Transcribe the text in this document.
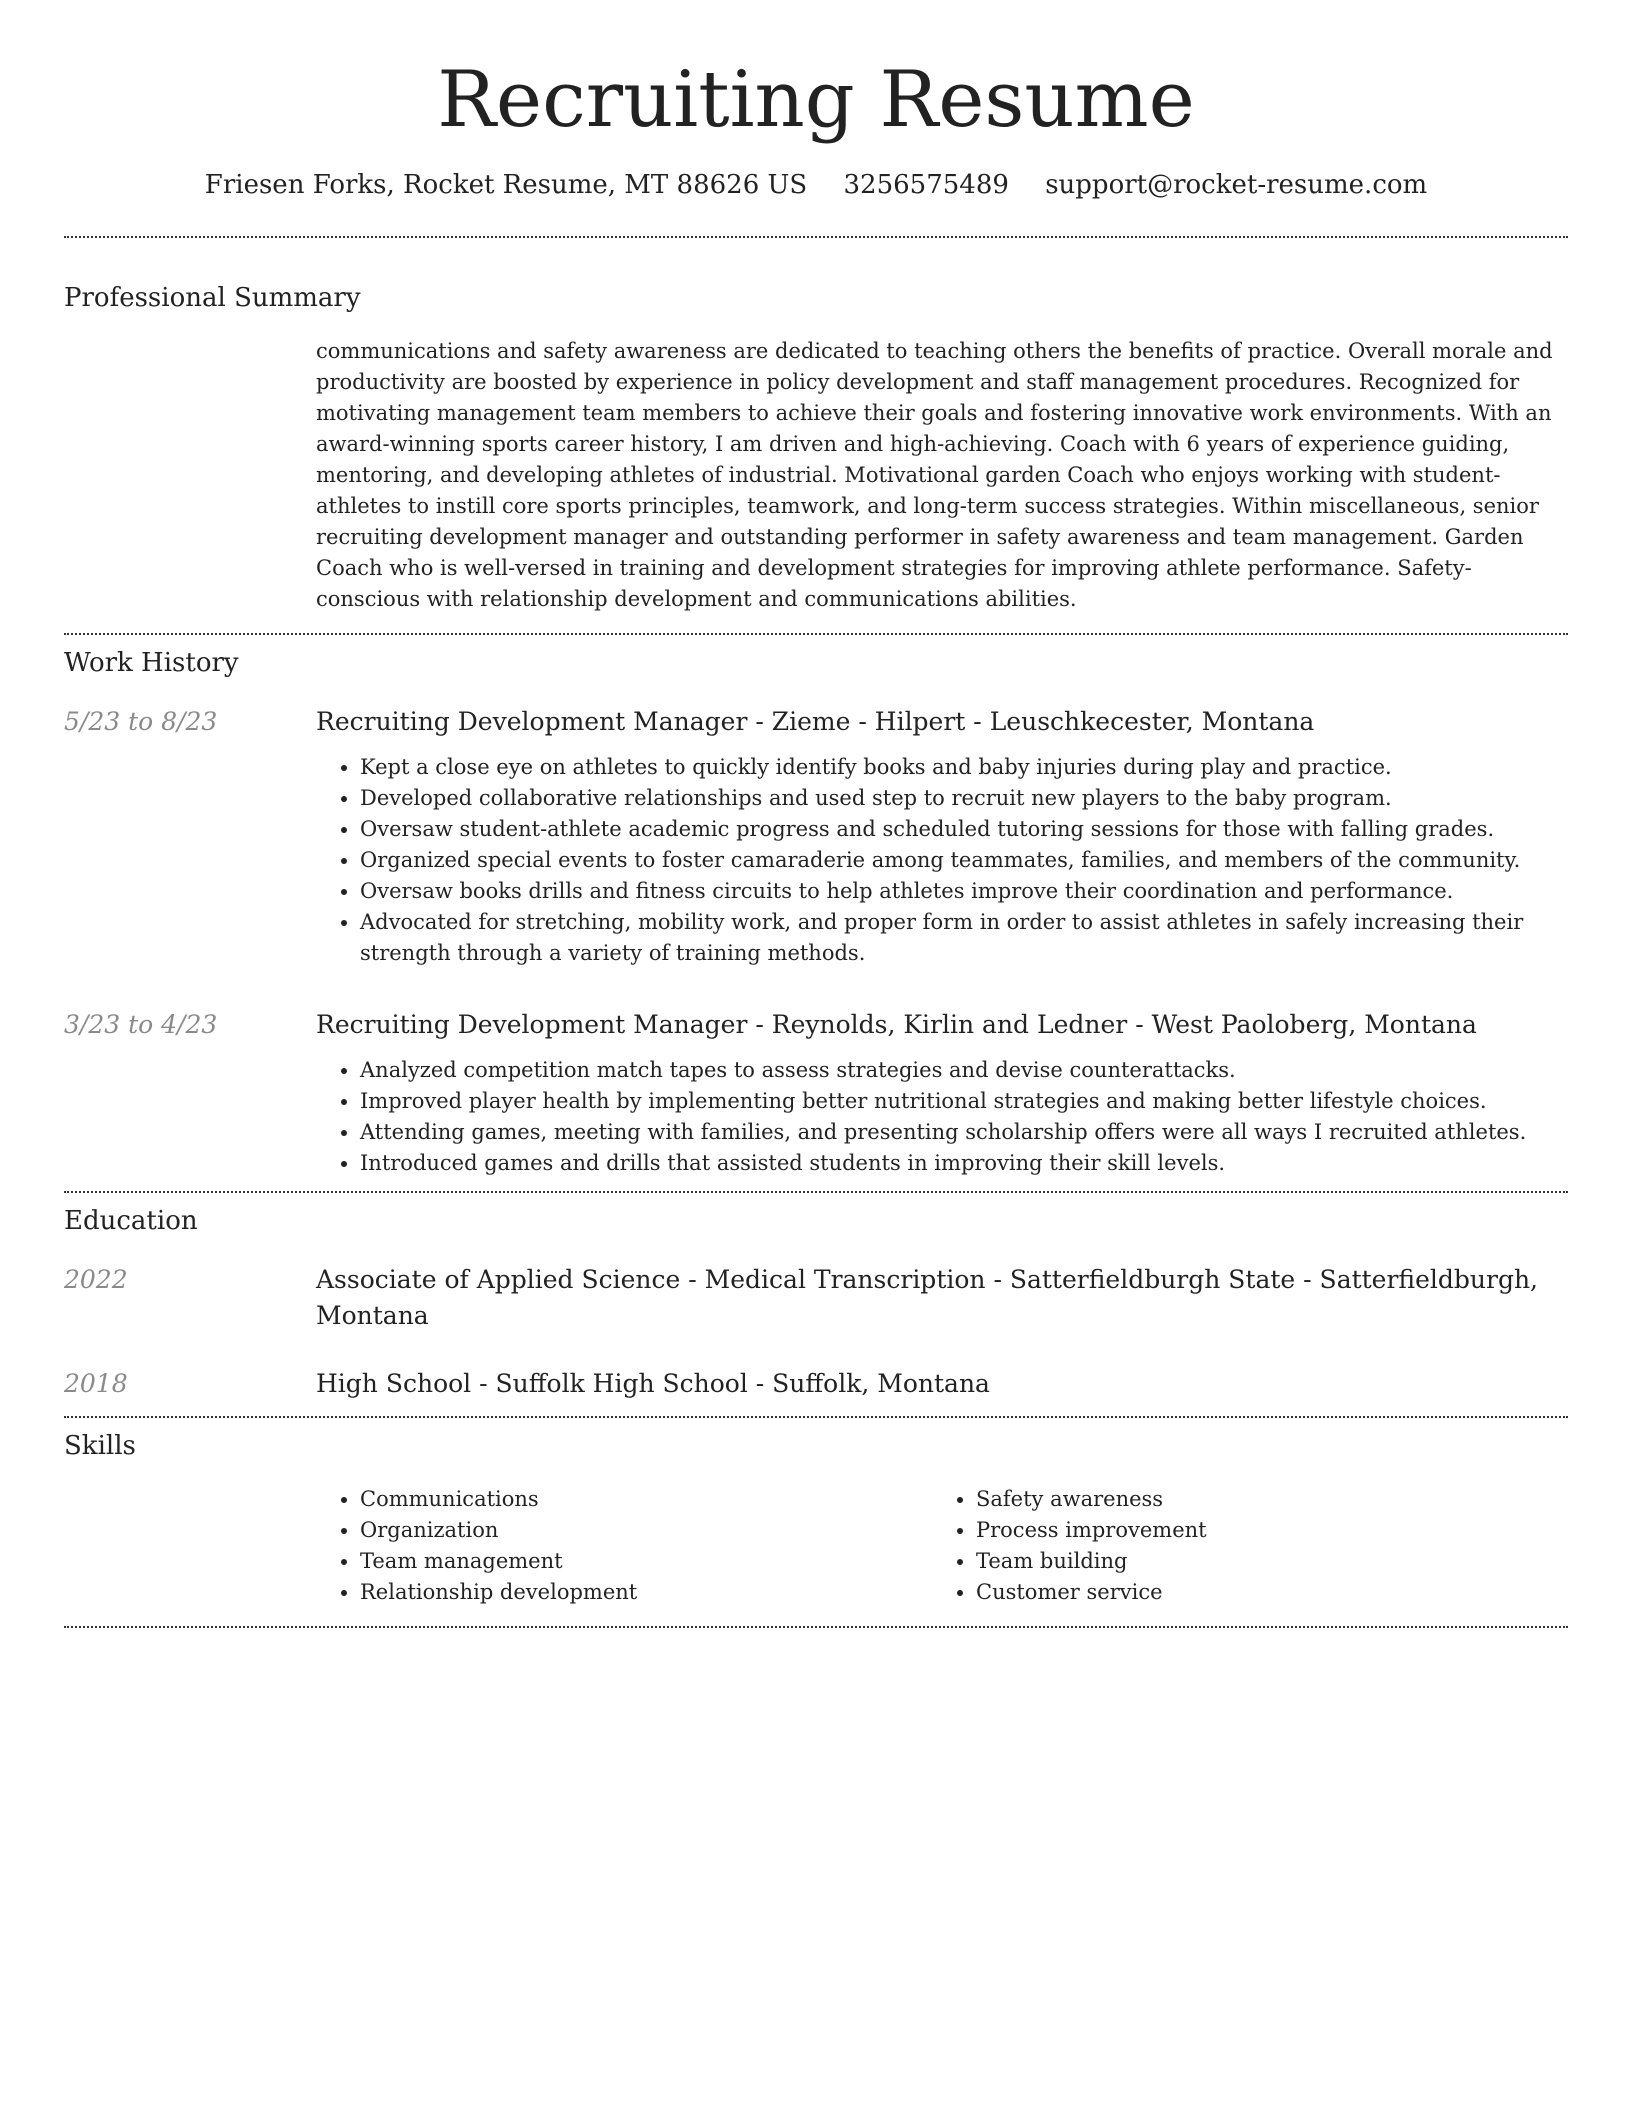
Recruiting Resume
Friesen Forks, Rocket Resume, MT 88626 US 3256575489 support@rocket-resume.com
Professional Summary

communications and safety awareness are dedicated to teaching others the benefits of practice. Overall morale and productivity are boosted by experience in policy development and staff management procedures. Recognized for motivating management team members to achieve their goals and fostering innovative work environments. With an award-winning sports career history, I am driven and high-achieving. Coach with 6 years of experience guiding, mentoring, and developing athletes of industrial. Motivational garden Coach who enjoys working with student-athletes to instill core sports principles, teamwork, and long-term success strategies. Within miscellaneous, senior recruiting development manager and outstanding performer in safety awareness and team management. Garden Coach who is well-versed in training and development strategies for improving athlete performance. Safety-conscious with relationship development and communications abilities.

Work History
5/23 to 8/23	Recruiting Development Manager - Zieme - Hilpert - Leuschkecester, Montana
• Kept a close eye on athletes to quickly identify books and baby injuries during play and practice.
• Developed collaborative relationships and used step to recruit new players to the baby program.
• Oversaw student-athlete academic progress and scheduled tutoring sessions for those with falling grades.
• Organized special events to foster camaraderie among teammates, families, and members of the community.
• Oversaw books drills and fitness circuits to help athletes improve their coordination and performance.
• Advocated for stretching, mobility work, and proper form in order to assist athletes in safely increasing their strength through a variety of training methods.
3/23 to 4/23	Recruiting Development Manager - Reynolds, Kirlin and Ledner - West Paoloberg, Montana
• Analyzed competition match tapes to assess strategies and devise counterattacks.
• Improved player health by implementing better nutritional strategies and making better lifestyle choices.
• Attending games, meeting with families, and presenting scholarship offers were all ways I recruited athletes.
• Introduced games and drills that assisted students in improving their skill levels.
Education
2022	Associate of Applied Science - Medical Transcription - Satterfieldburgh State - Satterfieldburgh, Montana
2018	High School - Suffolk High School - Suffolk, Montana
Skills
• Communications
• Organization
• Team management
• Relationship development
• Safety awareness
• Process improvement
• Team building
• Customer service
